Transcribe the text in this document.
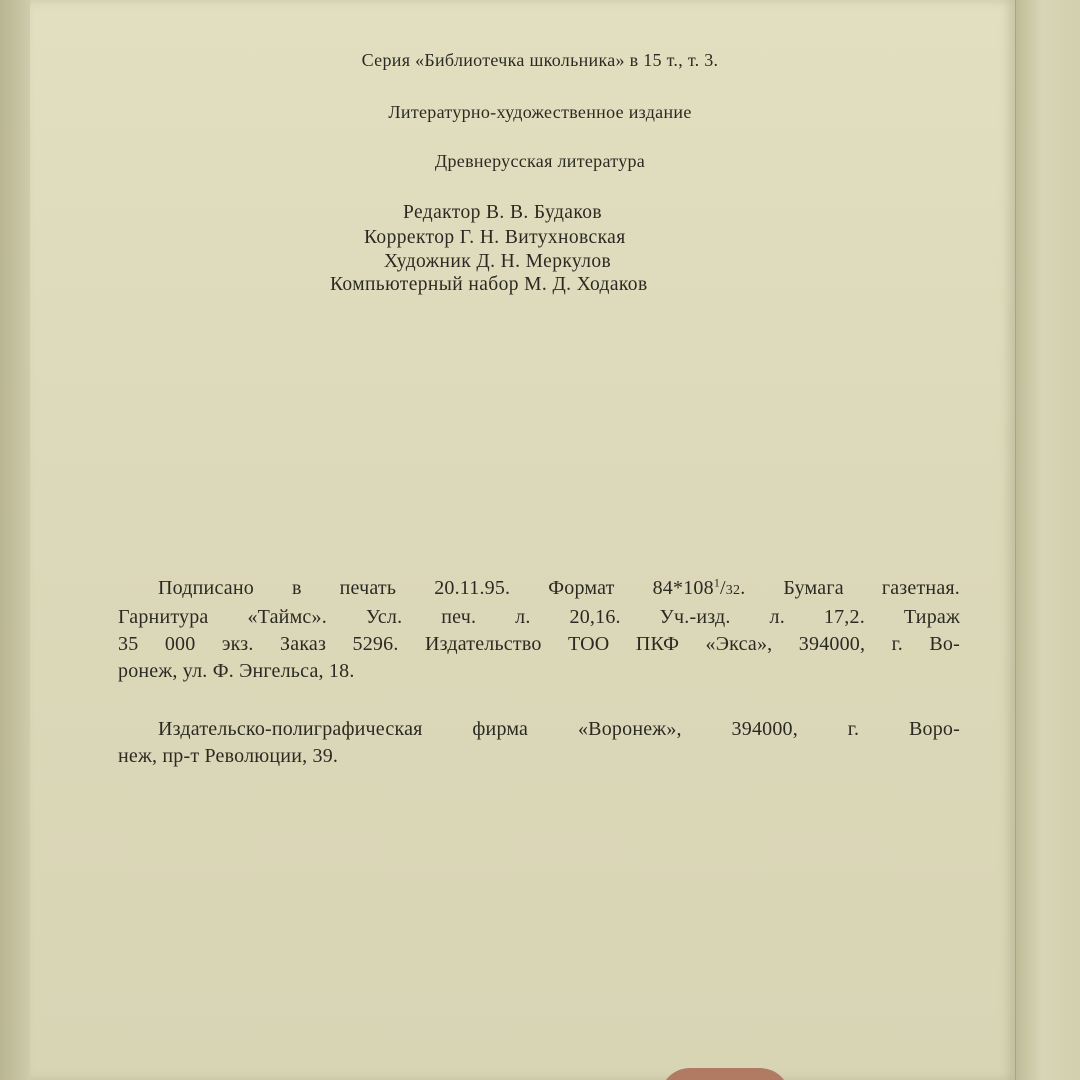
Серия «Библиотечка школьника» в 15 т., т. 3.
Литературно-художественное издание
Древнерусская литература
Редактор В. В. Будаков
Корректор Г. Н. Витухновская
Художник Д. Н. Меркулов
Компьютерный набор М. Д. Ходаков
Подписано в печать 20.11.95. Формат $84*108^1/32$. Бумага газетная.
Гарнитура «Таймс». Усл. печ. л. 20,16. Уч.-изд. л. 17,2. Тираж
35 000 экз. Заказ 5296. Издательство ТОО ПКФ «Экса», 394000, г. Во-
ронеж, ул. Ф. Энгельса, 18.
Издательско-полиграфическая фирма «Воронеж», 394000, г. Воро-
неж, пр-т Революции, 39.
